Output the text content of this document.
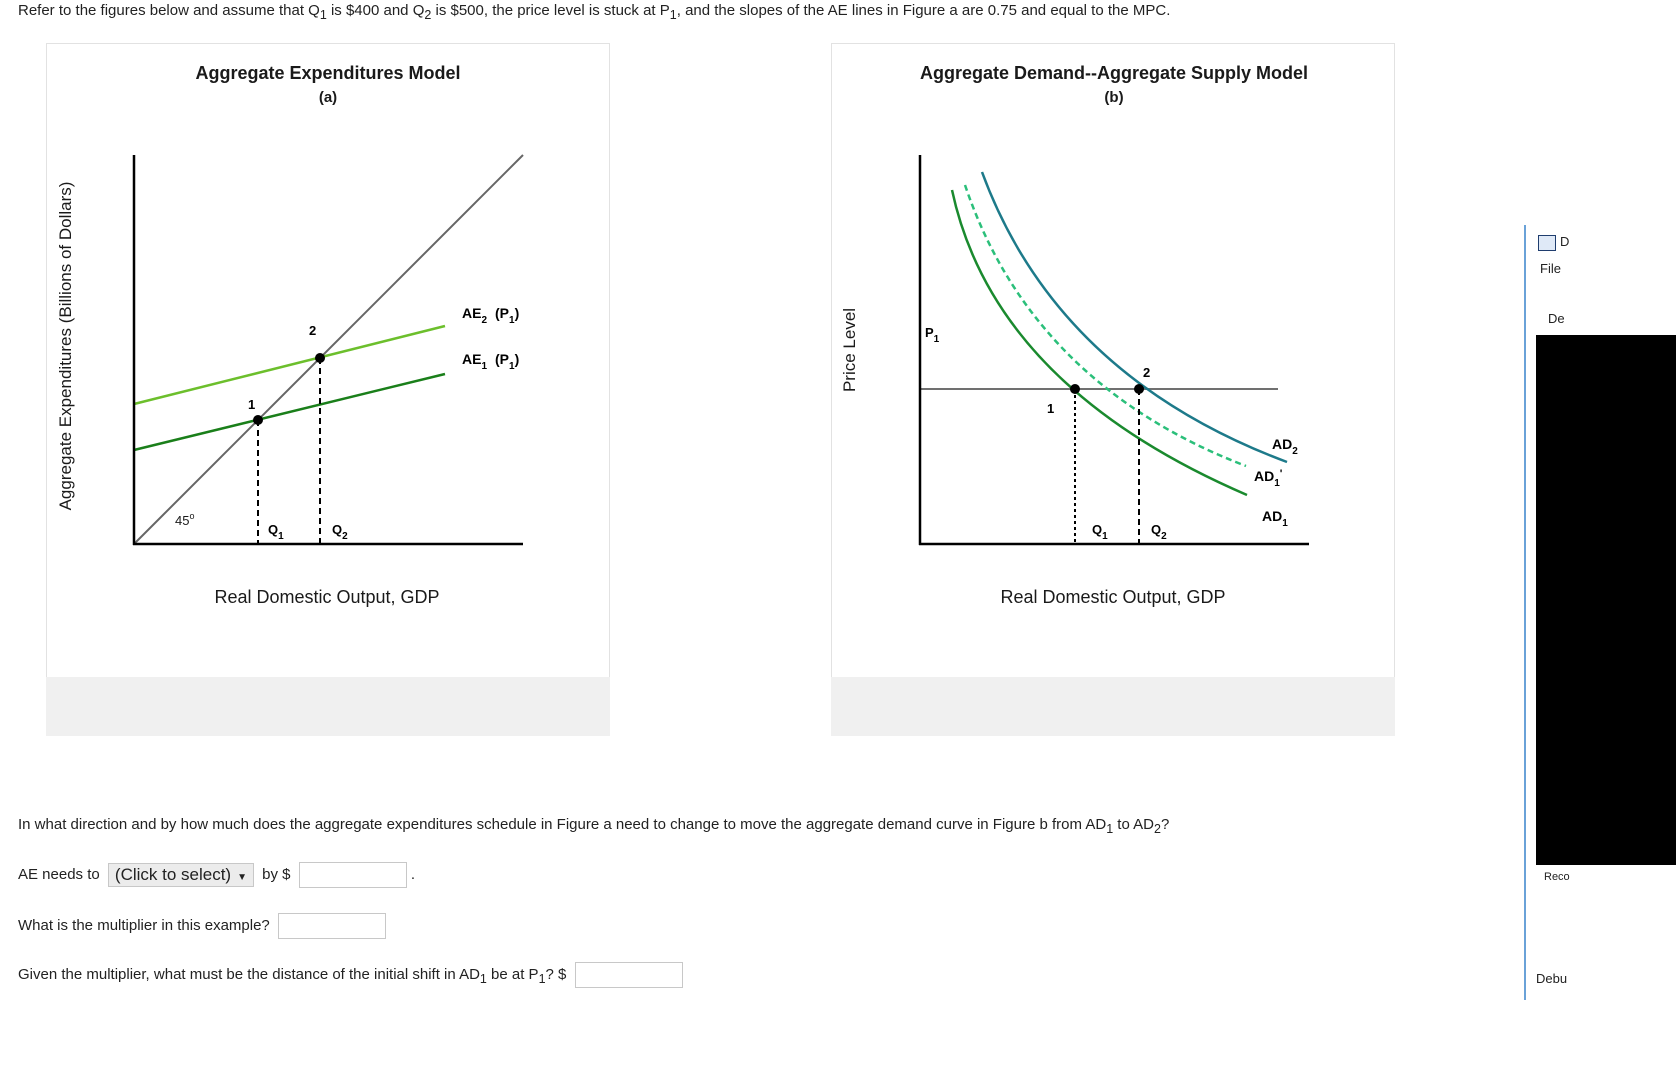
Refer to the figures below and assume that $Q_1$ is $400 and $Q_2$ is $500, the price level is stuck at $P_1$, and the slopes of the AE lines in Figure a are 0.75 and equal to the MPC.
Aggregate Expenditures Model
(a)
Aggregate Expenditures (Billions of Dollars)
Real Domestic Output, GDP
1
2
45$^o$
$Q_1$	$Q_2$
$AE_2$ $(P_1)$
$AE_1$ $(P_1)$
Aggregate Demand--Aggregate Supply Model
(b)
Price Level
Real Domestic Output, GDP
1
2
$P_1$
$Q_1$	$Q_2$
$AD_2$
$AD_1'$
$AD_1$
In what direction and by how much does the aggregate expenditures schedule in Figure a need to change to move the aggregate demand curve in Figure b from $AD_1$ to $AD_2$?
AE needs to (Click to select) ▼ by $	.
What is the multiplier in this example?
Given the multiplier, what must be the distance of the initial shift in $AD_1$ be at $P_1$? $
D
File
De
Reco
Debu
